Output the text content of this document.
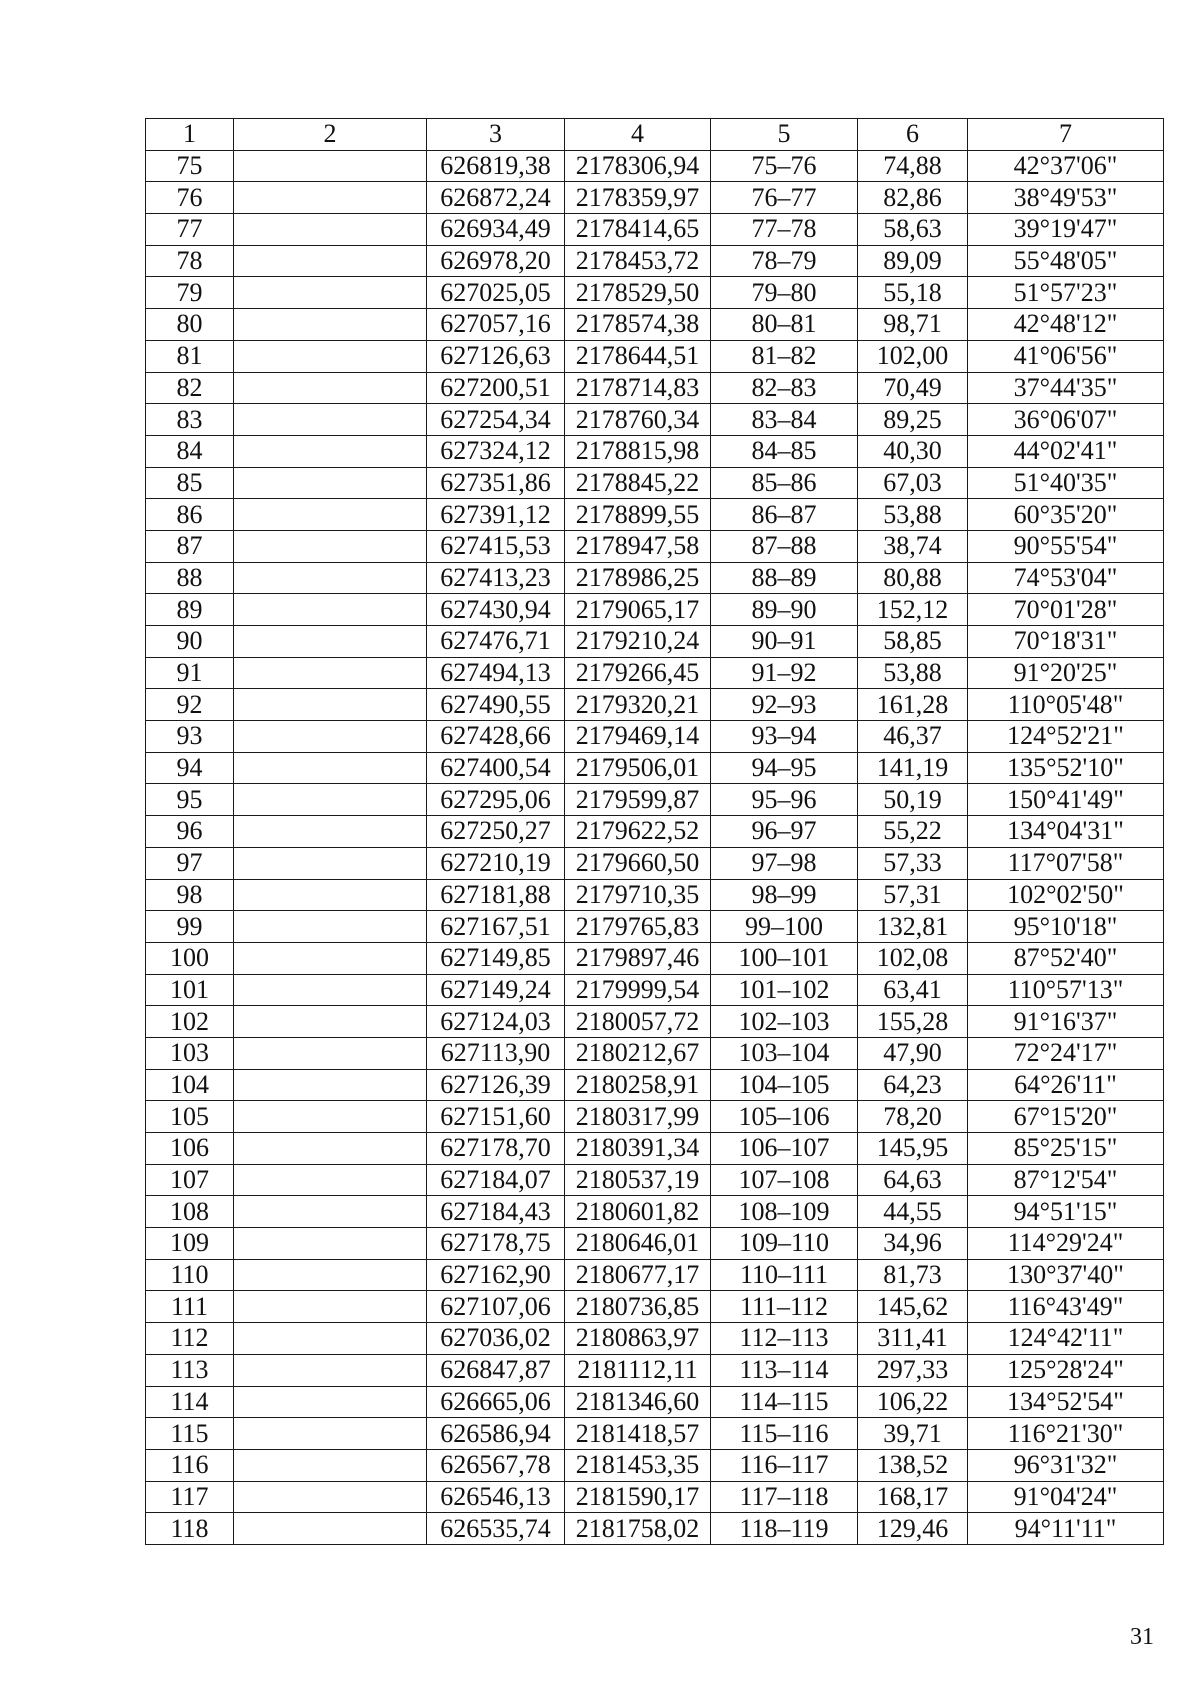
1	2	3	4	5	6	7
75		626819,38	2178306,94	75–76	74,88	42°37'06"
76		626872,24	2178359,97	76–77	82,86	38°49'53"
77		626934,49	2178414,65	77–78	58,63	39°19'47"
78		626978,20	2178453,72	78–79	89,09	55°48'05"
79		627025,05	2178529,50	79–80	55,18	51°57'23"
80		627057,16	2178574,38	80–81	98,71	42°48'12"
81		627126,63	2178644,51	81–82	102,00	41°06'56"
82		627200,51	2178714,83	82–83	70,49	37°44'35"
83		627254,34	2178760,34	83–84	89,25	36°06'07"
84		627324,12	2178815,98	84–85	40,30	44°02'41"
85		627351,86	2178845,22	85–86	67,03	51°40'35"
86		627391,12	2178899,55	86–87	53,88	60°35'20"
87		627415,53	2178947,58	87–88	38,74	90°55'54"
88		627413,23	2178986,25	88–89	80,88	74°53'04"
89		627430,94	2179065,17	89–90	152,12	70°01'28"
90		627476,71	2179210,24	90–91	58,85	70°18'31"
91		627494,13	2179266,45	91–92	53,88	91°20'25"
92		627490,55	2179320,21	92–93	161,28	110°05'48"
93		627428,66	2179469,14	93–94	46,37	124°52'21"
94		627400,54	2179506,01	94–95	141,19	135°52'10"
95		627295,06	2179599,87	95–96	50,19	150°41'49"
96		627250,27	2179622,52	96–97	55,22	134°04'31"
97		627210,19	2179660,50	97–98	57,33	117°07'58"
98		627181,88	2179710,35	98–99	57,31	102°02'50"
99		627167,51	2179765,83	99–100	132,81	95°10'18"
100		627149,85	2179897,46	100–101	102,08	87°52'40"
101		627149,24	2179999,54	101–102	63,41	110°57'13"
102		627124,03	2180057,72	102–103	155,28	91°16'37"
103		627113,90	2180212,67	103–104	47,90	72°24'17"
104		627126,39	2180258,91	104–105	64,23	64°26'11"
105		627151,60	2180317,99	105–106	78,20	67°15'20"
106		627178,70	2180391,34	106–107	145,95	85°25'15"
107		627184,07	2180537,19	107–108	64,63	87°12'54"
108		627184,43	2180601,82	108–109	44,55	94°51'15"
109		627178,75	2180646,01	109–110	34,96	114°29'24"
110		627162,90	2180677,17	110–111	81,73	130°37'40"
111		627107,06	2180736,85	111–112	145,62	116°43'49"
112		627036,02	2180863,97	112–113	311,41	124°42'11"
113		626847,87	2181112,11	113–114	297,33	125°28'24"
114		626665,06	2181346,60	114–115	106,22	134°52'54"
115		626586,94	2181418,57	115–116	39,71	116°21'30"
116		626567,78	2181453,35	116–117	138,52	96°31'32"
117		626546,13	2181590,17	117–118	168,17	91°04'24"
118		626535,74	2181758,02	118–119	129,46	94°11'11"
31
